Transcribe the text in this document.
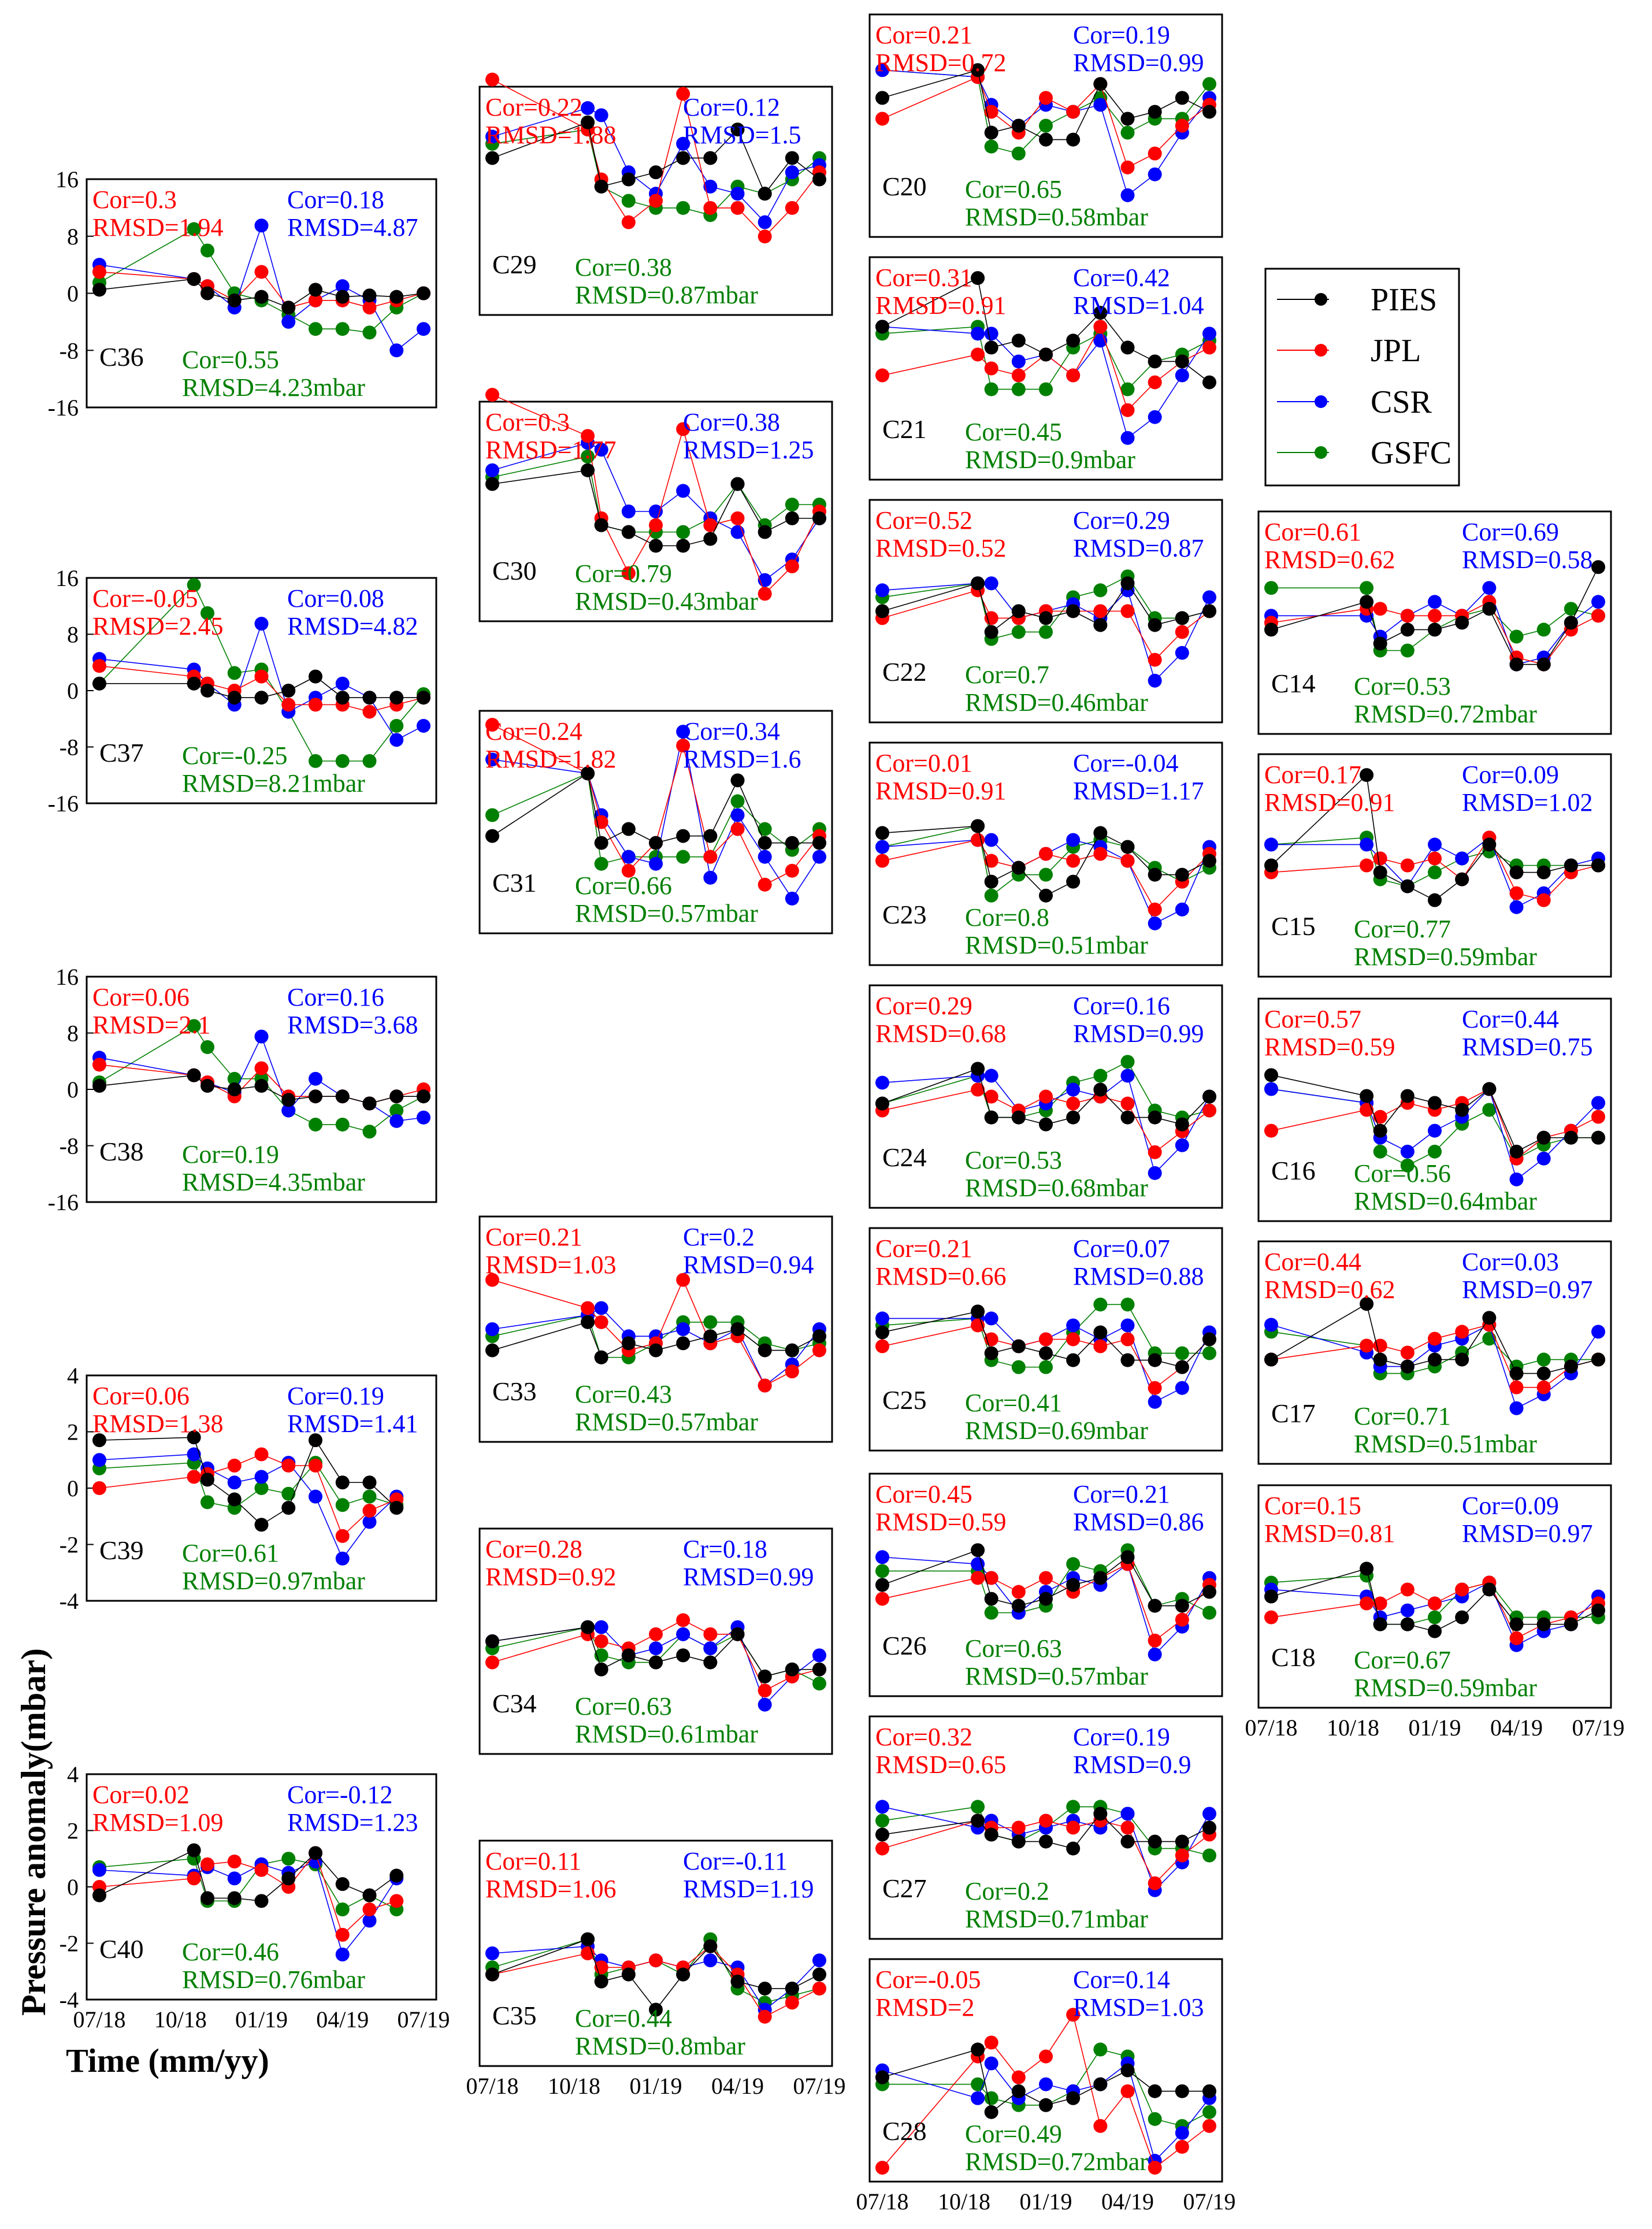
16
8
0
-8
-16
Cor=0.3
RMSD=1.94
Cor=0.18
RMSD=4.87
Cor=0.55
RMSD=4.23mbar
C36
16
8
0
-8
-16
Cor=-0.05
RMSD=2.45
Cor=0.08
RMSD=4.82
Cor=-0.25
RMSD=8.21mbar
C37
16
8
0
-8
-16
Cor=0.06
RMSD=2.1
Cor=0.16
RMSD=3.68
Cor=0.19
RMSD=4.35mbar
C38
4
2
0
-2
-4
Cor=0.06
RMSD=1.38
Cor=0.19
RMSD=1.41
Cor=0.61
RMSD=0.97mbar
C39
4
2
0
-2
-4
Cor=0.02
RMSD=1.09
Cor=-0.12
RMSD=1.23
Cor=0.46
RMSD=0.76mbar
C40
07/18 10/18 01/19 04/19 07/19
Cor=0.22
RMSD=1.88
Cor=0.12
RMSD=1.5
Cor=0.38
RMSD=0.87mbar
C29
Cor=0.3
RMSD=1.77
Cor=0.38
RMSD=1.25
Cor=0.79
RMSD=0.43mbar
C30
Cor=0.24
RMSD=1.82
Cor=0.34
RMSD=1.6
Cor=0.66
RMSD=0.57mbar
C31
Cor=0.21
RMSD=1.03
Cr=0.2
RMSD=0.94
Cor=0.43
RMSD=0.57mbar
C33
Cor=0.28
RMSD=0.92
Cr=0.18
RMSD=0.99
Cor=0.63
RMSD=0.61mbar
C34
Cor=0.11
RMSD=1.06
Cor=-0.11
RMSD=1.19
Cor=0.44
RMSD=0.8mbar
C35
07/18 10/18 01/19 04/19 07/19
Cor=0.21
RMSD=0.72
Cor=0.19
RMSD=0.99
Cor=0.65
RMSD=0.58mbar
C20
Cor=0.31
RMSD=0.91
Cor=0.42
RMSD=1.04
Cor=0.45
RMSD=0.9mbar
C21
Cor=0.52
RMSD=0.52
Cor=0.29
RMSD=0.87
Cor=0.7
RMSD=0.46mbar
C22
Cor=0.01
RMSD=0.91
Cor=-0.04
RMSD=1.17
Cor=0.8
RMSD=0.51mbar
C23
Cor=0.29
RMSD=0.68
Cor=0.16
RMSD=0.99
Cor=0.53
RMSD=0.68mbar
C24
Cor=0.21
RMSD=0.66
Cor=0.07
RMSD=0.88
Cor=0.41
RMSD=0.69mbar
C25
Cor=0.45
RMSD=0.59
Cor=0.21
RMSD=0.86
Cor=0.63
RMSD=0.57mbar
C26
Cor=0.32
RMSD=0.65
Cor=0.19
RMSD=0.9
Cor=0.2
RMSD=0.71mbar
C27
Cor=-0.05
RMSD=2
Cor=0.14
RMSD=1.03
Cor=0.49
RMSD=0.72mbar
C28
07/18 10/18 01/19 04/19 07/19
Cor=0.61
RMSD=0.62
Cor=0.69
RMSD=0.58
Cor=0.53
RMSD=0.72mbar
C14
Cor=0.17
RMSD=0.91
Cor=0.09
RMSD=1.02
Cor=0.77
RMSD=0.59mbar
C15
Cor=0.57
RMSD=0.59
Cor=0.44
RMSD=0.75
Cor=0.56
RMSD=0.64mbar
C16
Cor=0.44
RMSD=0.62
Cor=0.03
RMSD=0.97
Cor=0.71
RMSD=0.51mbar
C17
Cor=0.15
RMSD=0.81
Cor=0.09
RMSD=0.97
Cor=0.67
RMSD=0.59mbar
C18
07/18 10/18 01/19 04/19 07/19
PIES
JPL
CSR
GSFC
Time (mm/yy)
Pressure anomaly(mbar)
